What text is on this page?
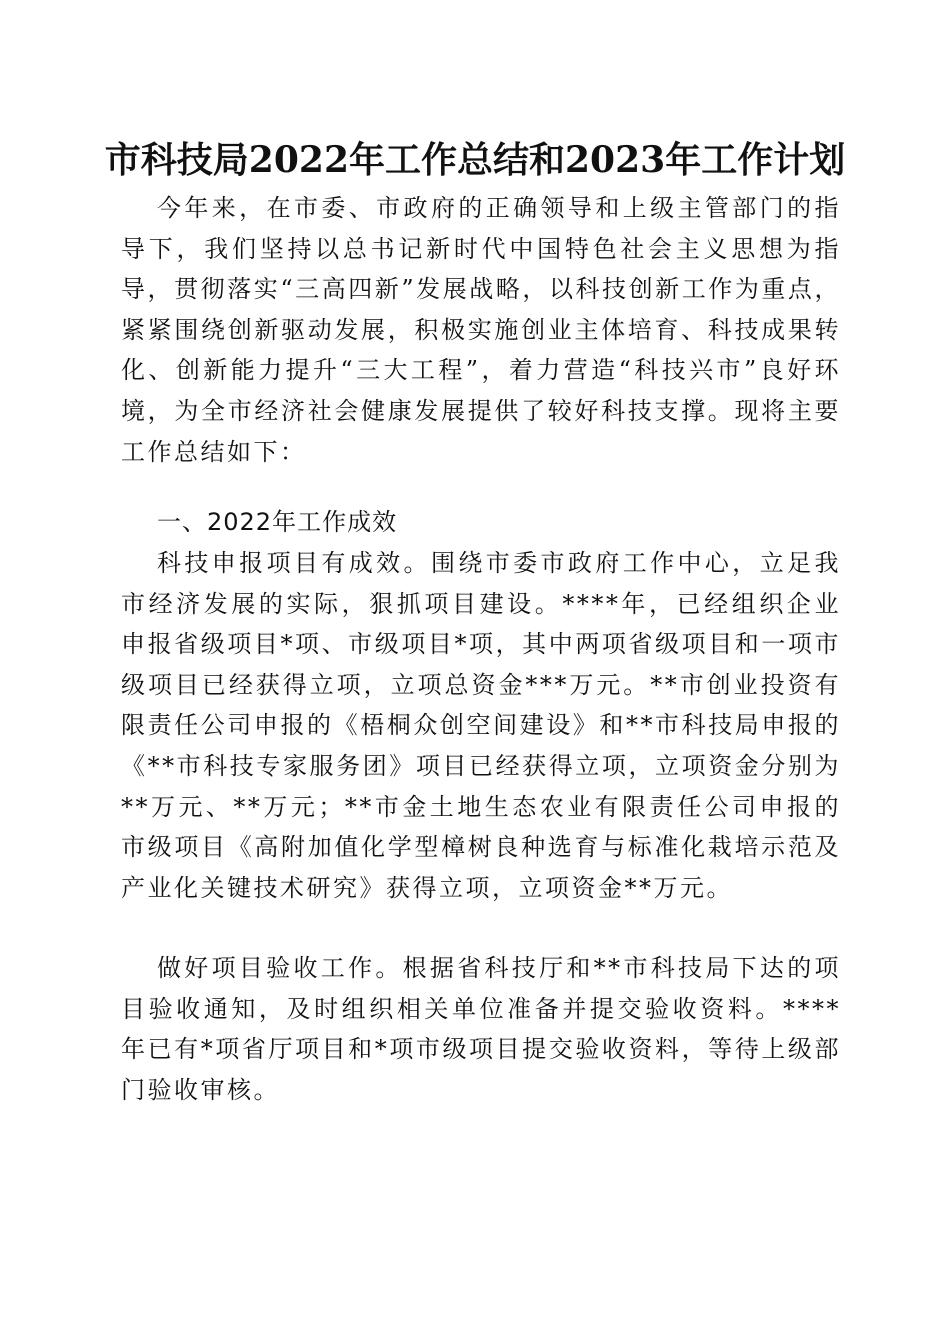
市科技局2022年工作总结和2023年工作计划

今年来，在市委、市政府的正确领导和上级主管部门的指导下，我们坚持以总书记新时代中国特色社会主义思想为指导，贯彻落实“三高四新”发展战略，以科技创新工作为重点，紧紧围绕创新驱动发展，积极实施创业主体培育、科技成果转化、创新能力提升“三大工程”，着力营造“科技兴市”良好环境，为全市经济社会健康发展提供了较好科技支撑。现将主要工作总结如下：

一、2022年工作成效

科技申报项目有成效。围绕市委市政府工作中心，立足我市经济发展的实际，狠抓项目建设。****年，已经组织企业申报省级项目*项、市级项目*项，其中两项省级项目和一项市级项目已经获得立项，立项总资金***万元。**市创业投资有限责任公司申报的《梧桐众创空间建设》和**市科技局申报的《**市科技专家服务团》项目已经获得立项，立项资金分别为**万元、**万元；**市金土地生态农业有限责任公司申报的市级项目《高附加值化学型樟树良种选育与标准化栽培示范及产业化关键技术研究》获得立项，立项资金**万元。

做好项目验收工作。根据省科技厅和**市科技局下达的项目验收通知，及时组织相关单位准备并提交验收资料。****年已有*项省厅项目和*项市级项目提交验收资料，等待上级部门验收审核。
